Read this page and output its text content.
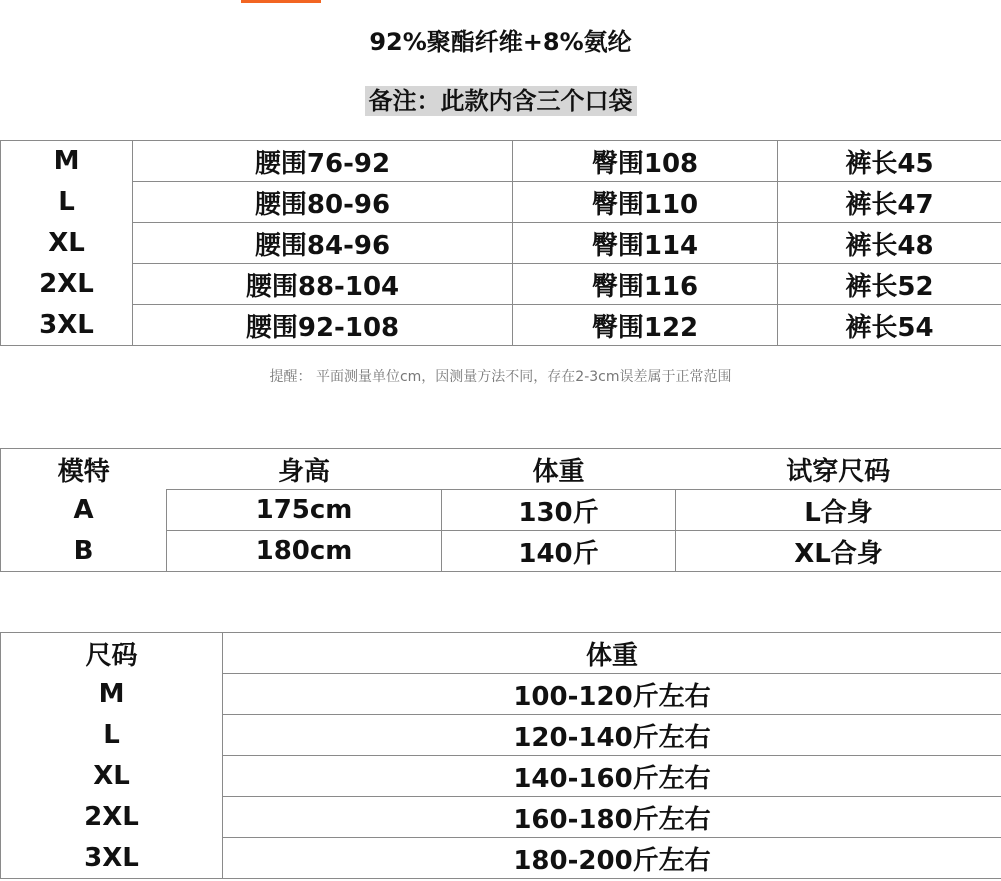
92%聚酯纤维+8%氨纶
备注：此款内含三个口袋
M	腰围76-92	臀围108	裤长45
L	腰围80-96	臀围110	裤长47
XL	腰围84-96	臀围114	裤长48
2XL	腰围88-104	臀围116	裤长52
3XL	腰围92-108	臀围122	裤长54
提醒： 平面测量单位cm，因测量方法不同，存在2-3cm误差属于正常范围
模特	身高	体重	试穿尺码
A	175cm	130斤	L合身
B	180cm	140斤	XL合身
尺码	体重
M	100-120斤左右
L	120-140斤左右
XL	140-160斤左右
2XL	160-180斤左右
3XL	180-200斤左右
